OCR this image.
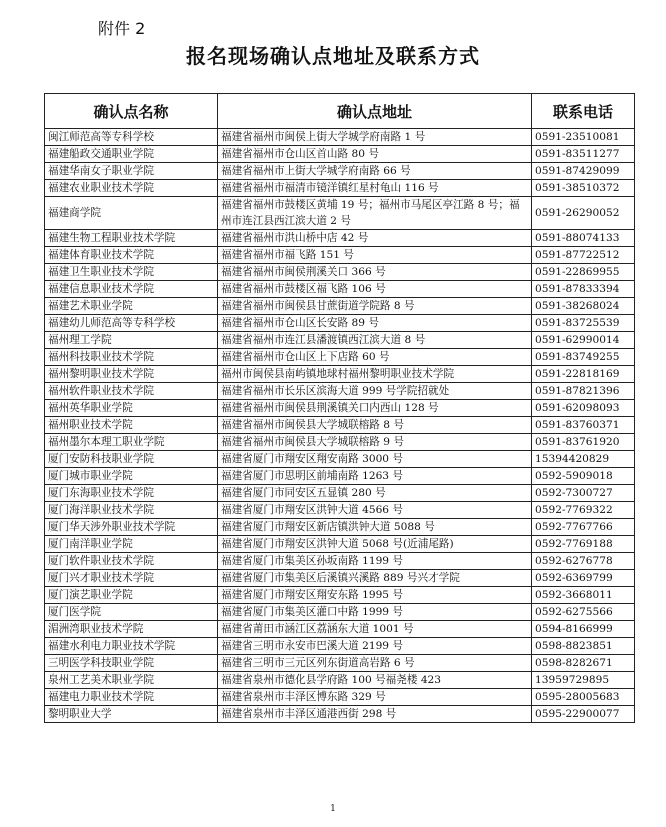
附件 2
报名现场确认点地址及联系方式
确认点名称	确认点地址	联系电话
闽江师范高等专科学校	福建省福州市闽侯上街大学城学府南路 1 号	0591-23510081
福建船政交通职业学院	福建省福州市仓山区首山路 80 号	0591-83511277
福建华南女子职业学院	福建省福州市上街大学城学府南路 66 号	0591-87429099
福建农业职业技术学院	福建省福州市福清市镜洋镇红星村龟山 116 号	0591-38510372
福建商学院	福建省福州市鼓楼区黄埔 19 号；福州市马尾区亭江路 8 号；福州市连江县西江滨大道 2 号	0591-26290052
福建生物工程职业技术学院	福建省福州市洪山桥中店 42 号	0591-88074133
福建体育职业技术学院	福建省福州市福飞路 151 号	0591-87722512
福建卫生职业技术学院	福建省福州市闽侯荆溪关口 366 号	0591-22869955
福建信息职业技术学院	福建省福州市鼓楼区福飞路 106 号	0591-87833394
福建艺术职业学院	福建省福州市闽侯县甘蔗街道学院路 8 号	0591-38268024
福建幼儿师范高等专科学校	福建省福州市仓山区长安路 89 号	0591-83725539
福州理工学院	福建省福州市连江县潘渡镇西江滨大道 8 号	0591-62990014
福州科技职业技术学院	福建省福州市仓山区上下店路 60 号	0591-83749255
福州黎明职业技术学院	福州市闽侯县南屿镇地球村福州黎明职业技术学院	0591-22818169
福州软件职业技术学院	福建省福州市长乐区滨海大道 999 号学院招就处	0591-87821396
福州英华职业学院	福建省福州市闽侯县荆溪镇关口内西山 128 号	0591-62098093
福州职业技术学院	福建省福州市闽侯县大学城联榕路 8 号	0591-83760371
福州墨尔本理工职业学院	福建省福州市闽侯县大学城联榕路 9 号	0591-83761920
厦门安防科技职业学院	福建省厦门市翔安区翔安南路 3000 号	15394420829
厦门城市职业学院	福建省厦门市思明区前埔南路 1263 号	0592-5909018
厦门东海职业技术学院	福建省厦门市同安区五显镇 280 号	0592-7300727
厦门海洋职业技术学院	福建省厦门市翔安区洪钟大道 4566 号	0592-7769322
厦门华天涉外职业技术学院	福建省厦门市翔安区新店镇洪钟大道 5088 号	0592-7767766
厦门南洋职业学院	福建省厦门市翔安区洪钟大道 5068 号(近浦尾路)	0592-7769188
厦门软件职业技术学院	福建省厦门市集美区孙坂南路 1199 号	0592-6276778
厦门兴才职业技术学院	福建省厦门市集美区后溪镇兴溪路 889 号兴才学院	0592-6369799
厦门演艺职业学院	福建省厦门市翔安区翔安东路 1995 号	0592-3668011
厦门医学院	福建省厦门市集美区灌口中路 1999 号	0592-6275566
湄洲湾职业技术学院	福建省莆田市涵江区荔涵东大道 1001 号	0594-8166999
福建水利电力职业技术学院	福建省三明市永安市巴溪大道 2199 号	0598-8823851
三明医学科技职业学院	福建省三明市三元区列东街道高岩路 6 号	0598-8282671
泉州工艺美术职业学院	福建省泉州市德化县学府路 100 号福尧楼 423	13959729895
福建电力职业技术学院	福建省泉州市丰泽区博东路 329 号	0595-28005683
黎明职业大学	福建省泉州市丰泽区通港西街 298 号	0595-22900077
1
